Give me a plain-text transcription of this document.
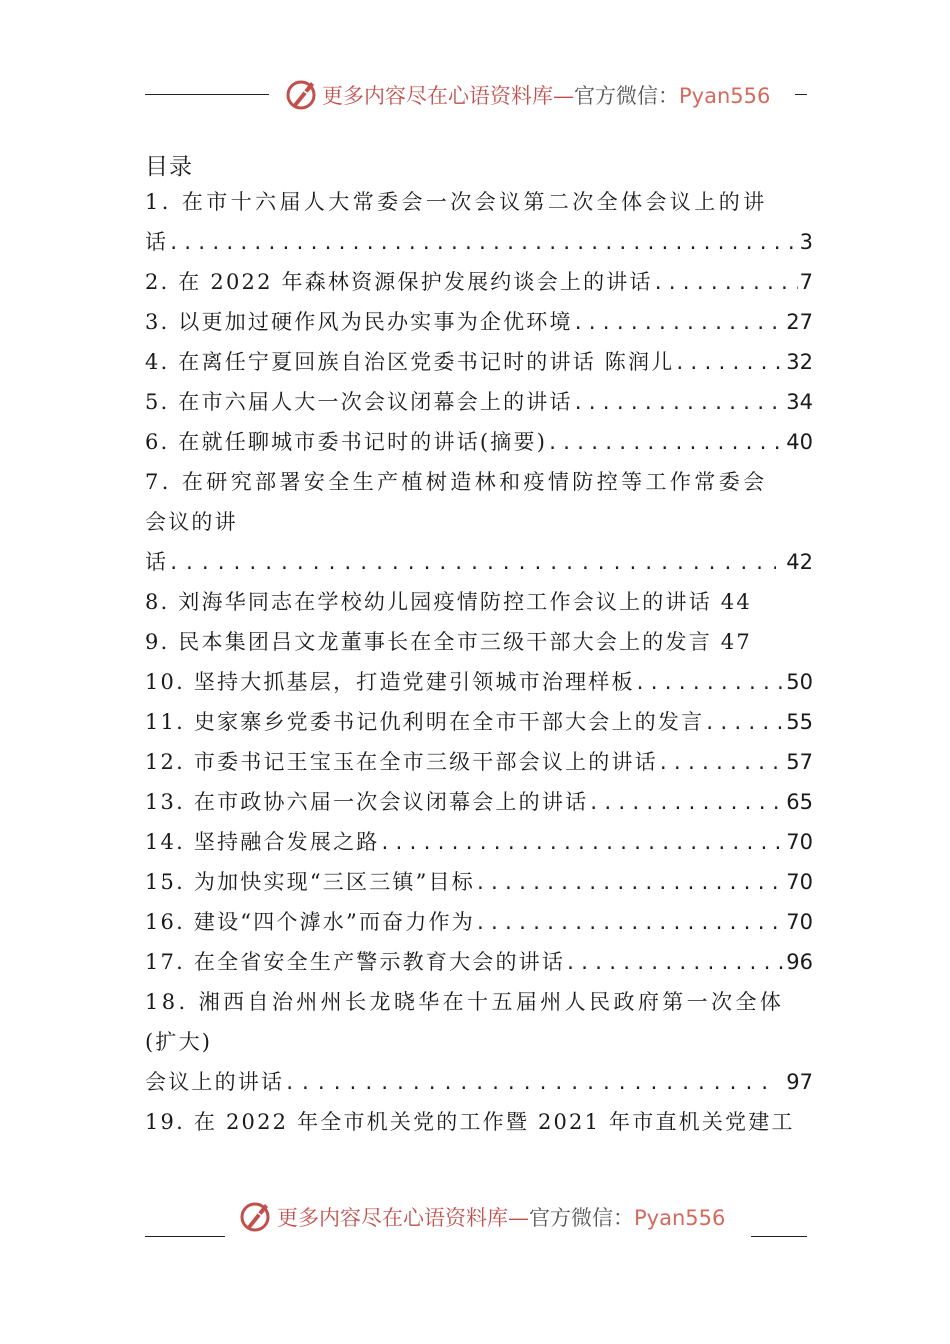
更多内容尽在心语资料库—官方微信：Pyan556
目录
1. 在市十六届人大常委会一次会议第二次全体会议上的讲
话 .....	3
2. 在 2022 年森林资源保护发展约谈会上的讲话 .....	7
3. 以更加过硬作风为民办实事为企优环境 .....	27
4. 在离任宁夏回族自治区党委书记时的讲话 陈润儿 .....	32
5. 在市六届人大一次会议闭幕会上的讲话 .....	34
6. 在就任聊城市委书记时的讲话(摘要) .....	40
7. 在研究部署安全生产植树造林和疫情防控等工作常委会
会议的讲
话 .....	42
8. 刘海华同志在学校幼儿园疫情防控工作会议上的讲话 44
9. 民本集团吕文龙董事长在全市三级干部大会上的发言 47
10. 坚持大抓基层，打造党建引领城市治理样板 .....	50
11. 史家寨乡党委书记仇利明在全市干部大会上的发言 .....	55
12. 市委书记王宝玉在全市三级干部会议上的讲话 .....	57
13. 在市政协六届一次会议闭幕会上的讲话 .....	65
14. 坚持融合发展之路 .....	70
15. 为加快实现“三区三镇”目标 .....	70
16. 建设“四个滹水”而奋力作为 .....	70
17. 在全省安全生产警示教育大会的讲话 .....	96
18. 湘西自治州州长龙晓华在十五届州人民政府第一次全体
(扩大)
会议上的讲话 .....	97
19. 在 2022 年全市机关党的工作暨 2021 年市直机关党建工
更多内容尽在心语资料库—官方微信：Pyan556
